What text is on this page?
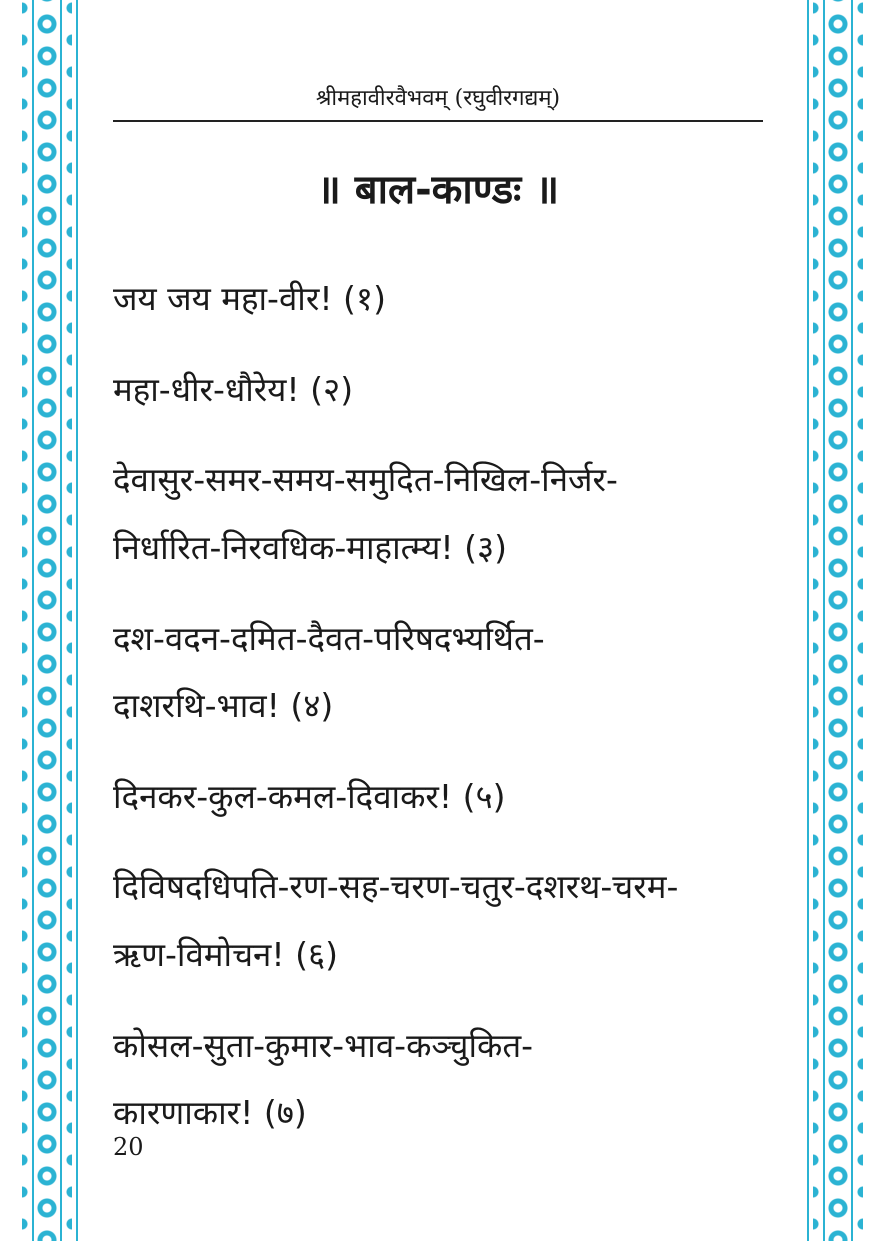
श्रीमहावीरवैभवम् (रघुवीरगद्यम्)
॥ बाल-काण्डः ॥
जय जय महा-वीर! (१)
महा-धीर-धौरेय! (२)
देवासुर-समर-समय-समुदित-निखिल-निर्जर-
निर्धारित-निरवधिक-माहात्म्य! (३)
दश-वदन-दमित-दैवत-परिषदभ्यर्थित-
दाशरथि-भाव! (४)
दिनकर-कुल-कमल-दिवाकर! (५)
दिविषदधिपति-रण-सह-चरण-चतुर-दशरथ-चरम-
ऋण-विमोचन! (६)
कोसल-सुता-कुमार-भाव-कञ्चुकित-
कारणाकार! (७)
20
